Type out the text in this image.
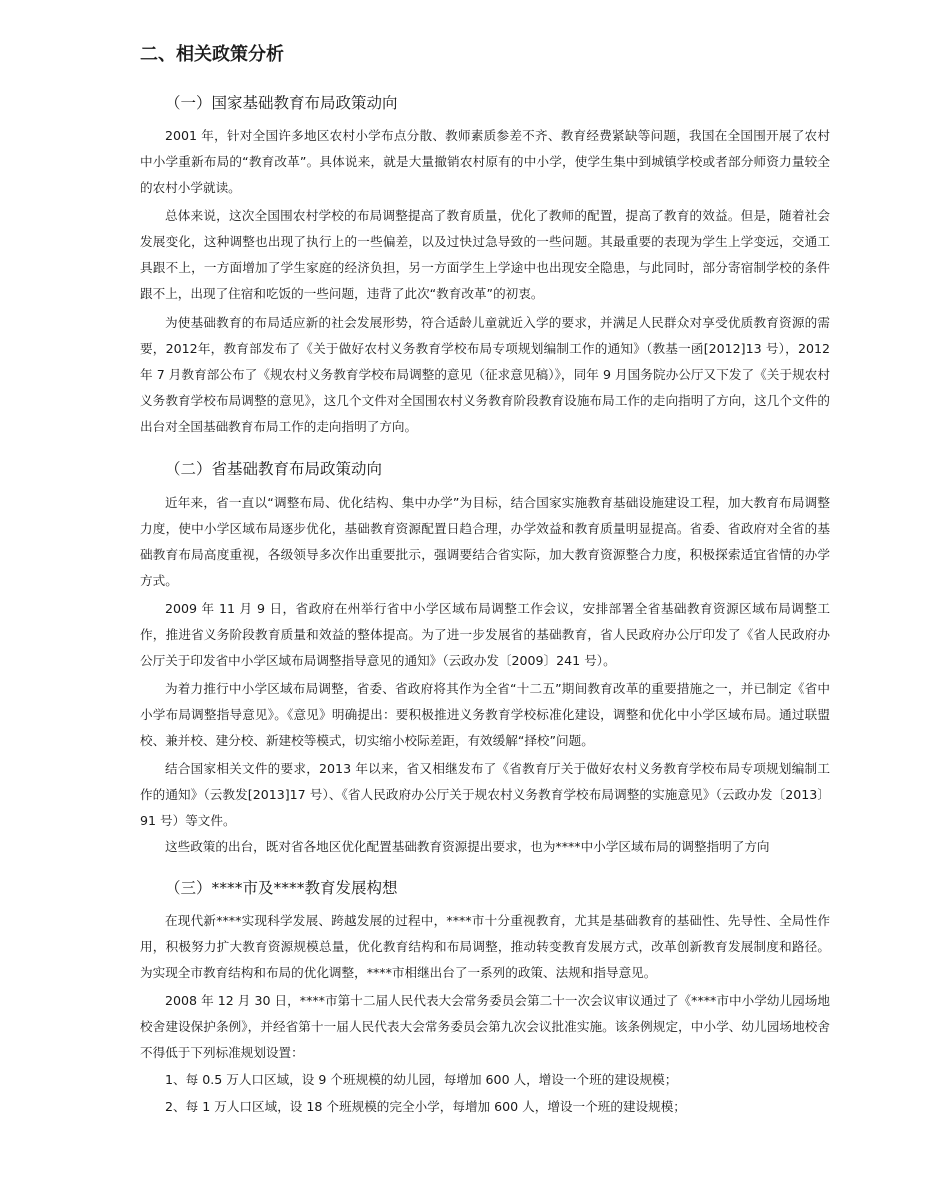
二、相关政策分析
（一）国家基础教育布局政策动向

2001 年，针对全国许多地区农村小学布点分散、教师素质参差不齐、教育经费紧缺等问题，我国在全国围开展了农村中小学重新布局的“教育改革”。具体说来，就是大量撤销农村原有的中小学，使学生集中到城镇学校或者部分师资力量较全的农村小学就读。

总体来说，这次全国围农村学校的布局调整提高了教育质量，优化了教师的配置，提高了教育的效益。但是，随着社会发展变化，这种调整也出现了执行上的一些偏差，以及过快过急导致的一些问题。其最重要的表现为学生上学变远，交通工具跟不上，一方面增加了学生家庭的经济负担，另一方面学生上学途中也出现安全隐患，与此同时，部分寄宿制学校的条件跟不上，出现了住宿和吃饭的一些问题，违背了此次“教育改革”的初衷。

为使基础教育的布局适应新的社会发展形势，符合适龄儿童就近入学的要求，并满足人民群众对享受优质教育资源的需要，2012年，教育部发布了《关于做好农村义务教育学校布局专项规划编制工作的通知》（教基一函[2012]13 号），2012 年 7 月教育部公布了《规农村义务教育学校布局调整的意见（征求意见稿）》，同年 9 月国务院办公厅又下发了《关于规农村义务教育学校布局调整的意见》，这几个文件对全国围农村义务教育阶段教育设施布局工作的走向指明了方向，这几个文件的出台对全国基础教育布局工作的走向指明了方向。

（二）省基础教育布局政策动向

近年来，省一直以“调整布局、优化结构、集中办学”为目标，结合国家实施教育基础设施建设工程，加大教育布局调整力度，使中小学区域布局逐步优化，基础教育资源配置日趋合理，办学效益和教育质量明显提高。省委、省政府对全省的基础教育布局高度重视，各级领导多次作出重要批示，强调要结合省实际，加大教育资源整合力度，积极探索适宜省情的办学方式。

2009 年 11 月 9 日，省政府在州举行省中小学区域布局调整工作会议，安排部署全省基础教育资源区域布局调整工作，推进省义务阶段教育质量和效益的整体提高。为了进一步发展省的基础教育，省人民政府办公厅印发了《省人民政府办公厅关于印发省中小学区域布局调整指导意见的通知》（云政办发〔2009〕241 号）。

为着力推行中小学区域布局调整，省委、省政府将其作为全省“十二五”期间教育改革的重要措施之一，并已制定《省中小学布局调整指导意见》。《意见》明确提出：要积极推进义务教育学校标准化建设，调整和优化中小学区域布局。通过联盟校、兼并校、建分校、新建校等模式，切实缩小校际差距，有效缓解“择校”问题。

结合国家相关文件的要求，2013 年以来，省又相继发布了《省教育厅关于做好农村义务教育学校布局专项规划编制工作的通知》（云教发[2013]17 号）、《省人民政府办公厅关于规农村义务教育学校布局调整的实施意见》（云政办发〔2013〕91 号）等文件。

这些政策的出台，既对省各地区优化配置基础教育资源提出要求，也为****中小学区域布局的调整指明了方向

（三）****市及****教育发展构想

在现代新****实现科学发展、跨越发展的过程中，****市十分重视教育，尤其是基础教育的基础性、先导性、全局性作用，积极努力扩大教育资源规模总量，优化教育结构和布局调整，推动转变教育发展方式，改革创新教育发展制度和路径。为实现全市教育结构和布局的优化调整，****市相继出台了一系列的政策、法规和指导意见。

2008 年 12 月 30 日，****市第十二届人民代表大会常务委员会第二十一次会议审议通过了《****市中小学幼儿园场地校舍建设保护条例》，并经省第十一届人民代表大会常务委员会第九次会议批准实施。该条例规定，中小学、幼儿园场地校舍不得低于下列标准规划设置：

1、每 0.5 万人口区域，设 9 个班规模的幼儿园，每增加 600 人，增设一个班的建设规模；

2、每 1 万人口区域，设 18 个班规模的完全小学，每增加 600 人，增设一个班的建设规模；
